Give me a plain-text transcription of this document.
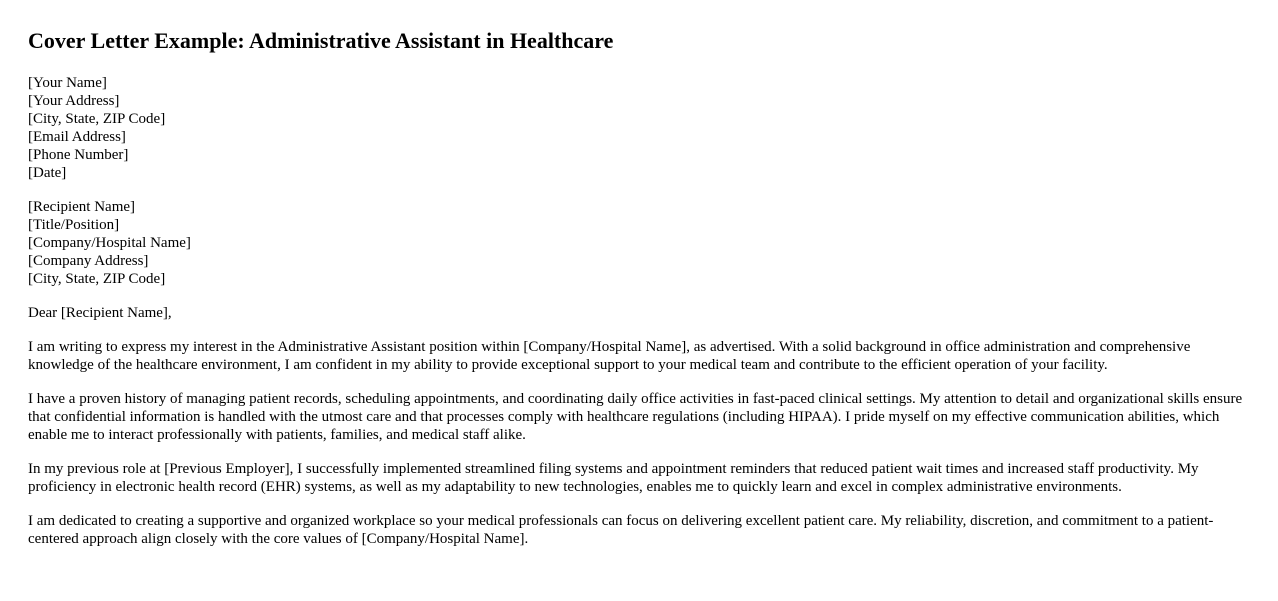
Cover Letter Example: Administrative Assistant in Healthcare
[Your Name]
[Your Address]
[City, State, ZIP Code]
[Email Address]
[Phone Number]
[Date]
[Recipient Name]
[Title/Position]
[Company/Hospital Name]
[Company Address]
[City, State, ZIP Code]

Dear [Recipient Name],

I am writing to express my interest in the Administrative Assistant position within [Company/Hospital Name], as advertised. With a solid background in office administration and comprehensive knowledge of the healthcare environment, I am confident in my ability to provide exceptional support to your medical team and contribute to the efficient operation of your facility.

I have a proven history of managing patient records, scheduling appointments, and coordinating daily office activities in fast-paced clinical settings. My attention to detail and organizational skills ensure that confidential information is handled with the utmost care and that processes comply with healthcare regulations (including HIPAA). I pride myself on my effective communication abilities, which enable me to interact professionally with patients, families, and medical staff alike.

In my previous role at [Previous Employer], I successfully implemented streamlined filing systems and appointment reminders that reduced patient wait times and increased staff productivity. My proficiency in electronic health record (EHR) systems, as well as my adaptability to new technologies, enables me to quickly learn and excel in complex administrative environments.

I am dedicated to creating a supportive and organized workplace so your medical professionals can focus on delivering excellent patient care. My reliability, discretion, and commitment to a patient-centered approach align closely with the core values of [Company/Hospital Name].
